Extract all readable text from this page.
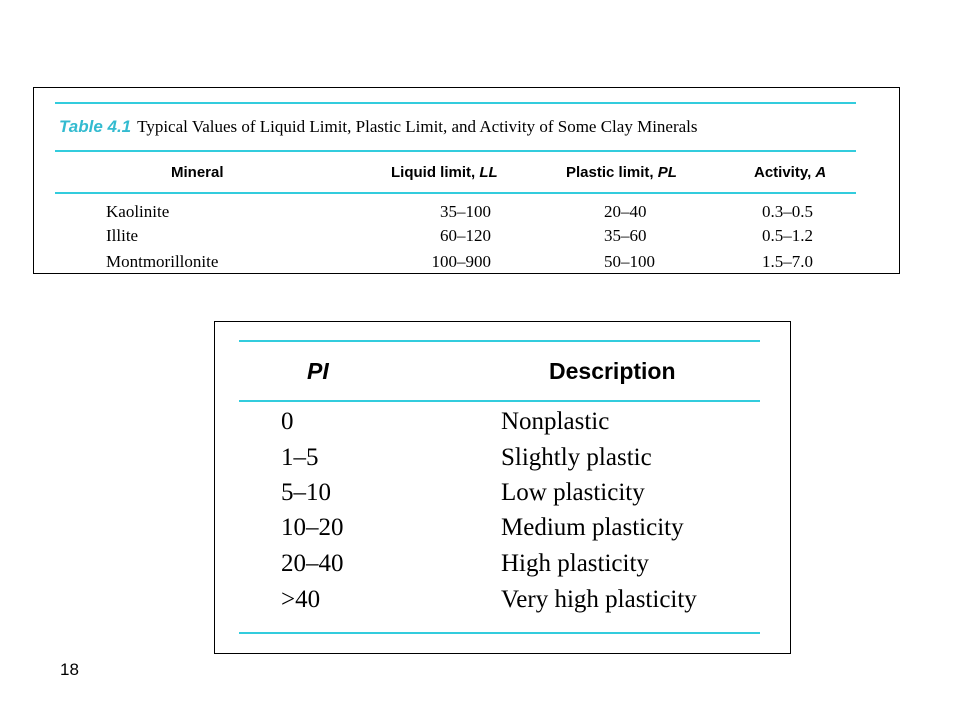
Table 4.1 Typical Values of Liquid Limit, Plastic Limit, and Activity of Some Clay Minerals
Mineral	Liquid limit, LL	Plastic limit, PL	Activity, A
Kaolinite	35–100	20–40	0.3–0.5
Illite	60–120	35–60	0.5–1.2
Montmorillonite	100–900	50–100	1.5–7.0
PI	Description
0	Nonplastic
1–5	Slightly plastic
5–10	Low plasticity
10–20	Medium plasticity
20–40	High plasticity
>40	Very high plasticity
18
